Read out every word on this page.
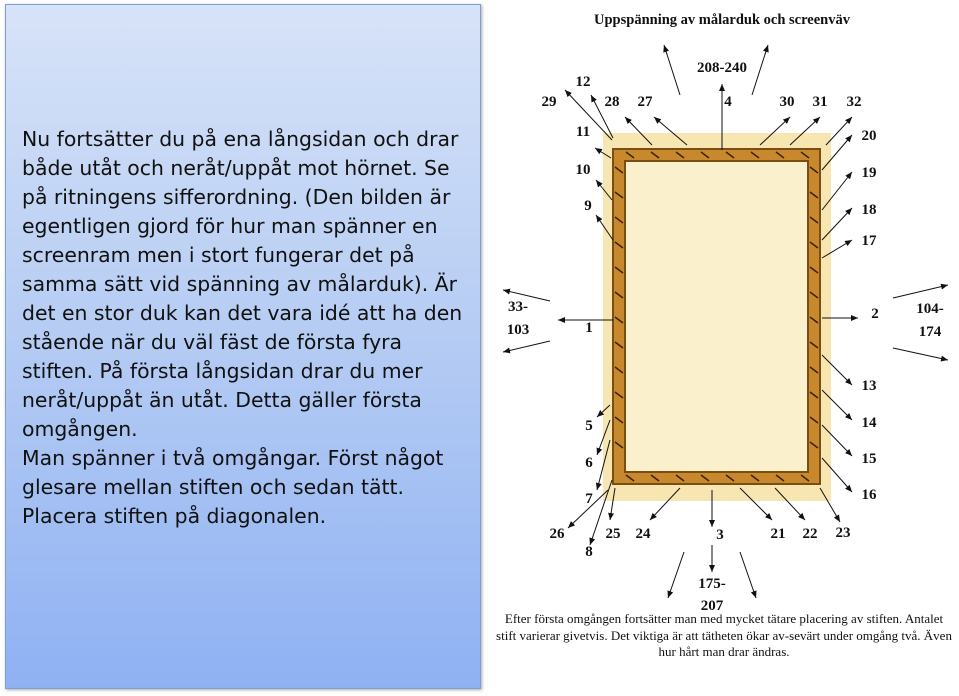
Nu fortsätter du på ena långsidan och drar både utåt och neråt/uppåt mot hörnet. Se på ritningens sifferordning. (Den bilden är egentligen gjord för hur man spänner en screenram men i stort fungerar det på samma sätt vid spänning av målarduk). Är det en stor duk kan det vara idé att ha den stående när du väl fäst de första fyra stiften. På första långsidan drar du mer neråt/uppåt än utåt. Detta gäller första omgången.
Man spänner i två omgångar. Först något glesare mellan stiften och sedan tätt. Placera stiften på diagonalen.

Uppspänning av målarduk och screenväv
208-240
33-
103
104-
174
175-
207
1
2
3
4
5
6
7
8
9
10
11
12
13
14
15
16
17
18
19
20
21 22 23
24
25
26
27
28
29	30 31 32
Efter första omgången fortsätter man med mycket tätare placering av stiften. Antalet stift varierar givetvis. Det viktiga är att tätheten ökar av-sevärt under omgång två. Även hur hårt man drar ändras.
